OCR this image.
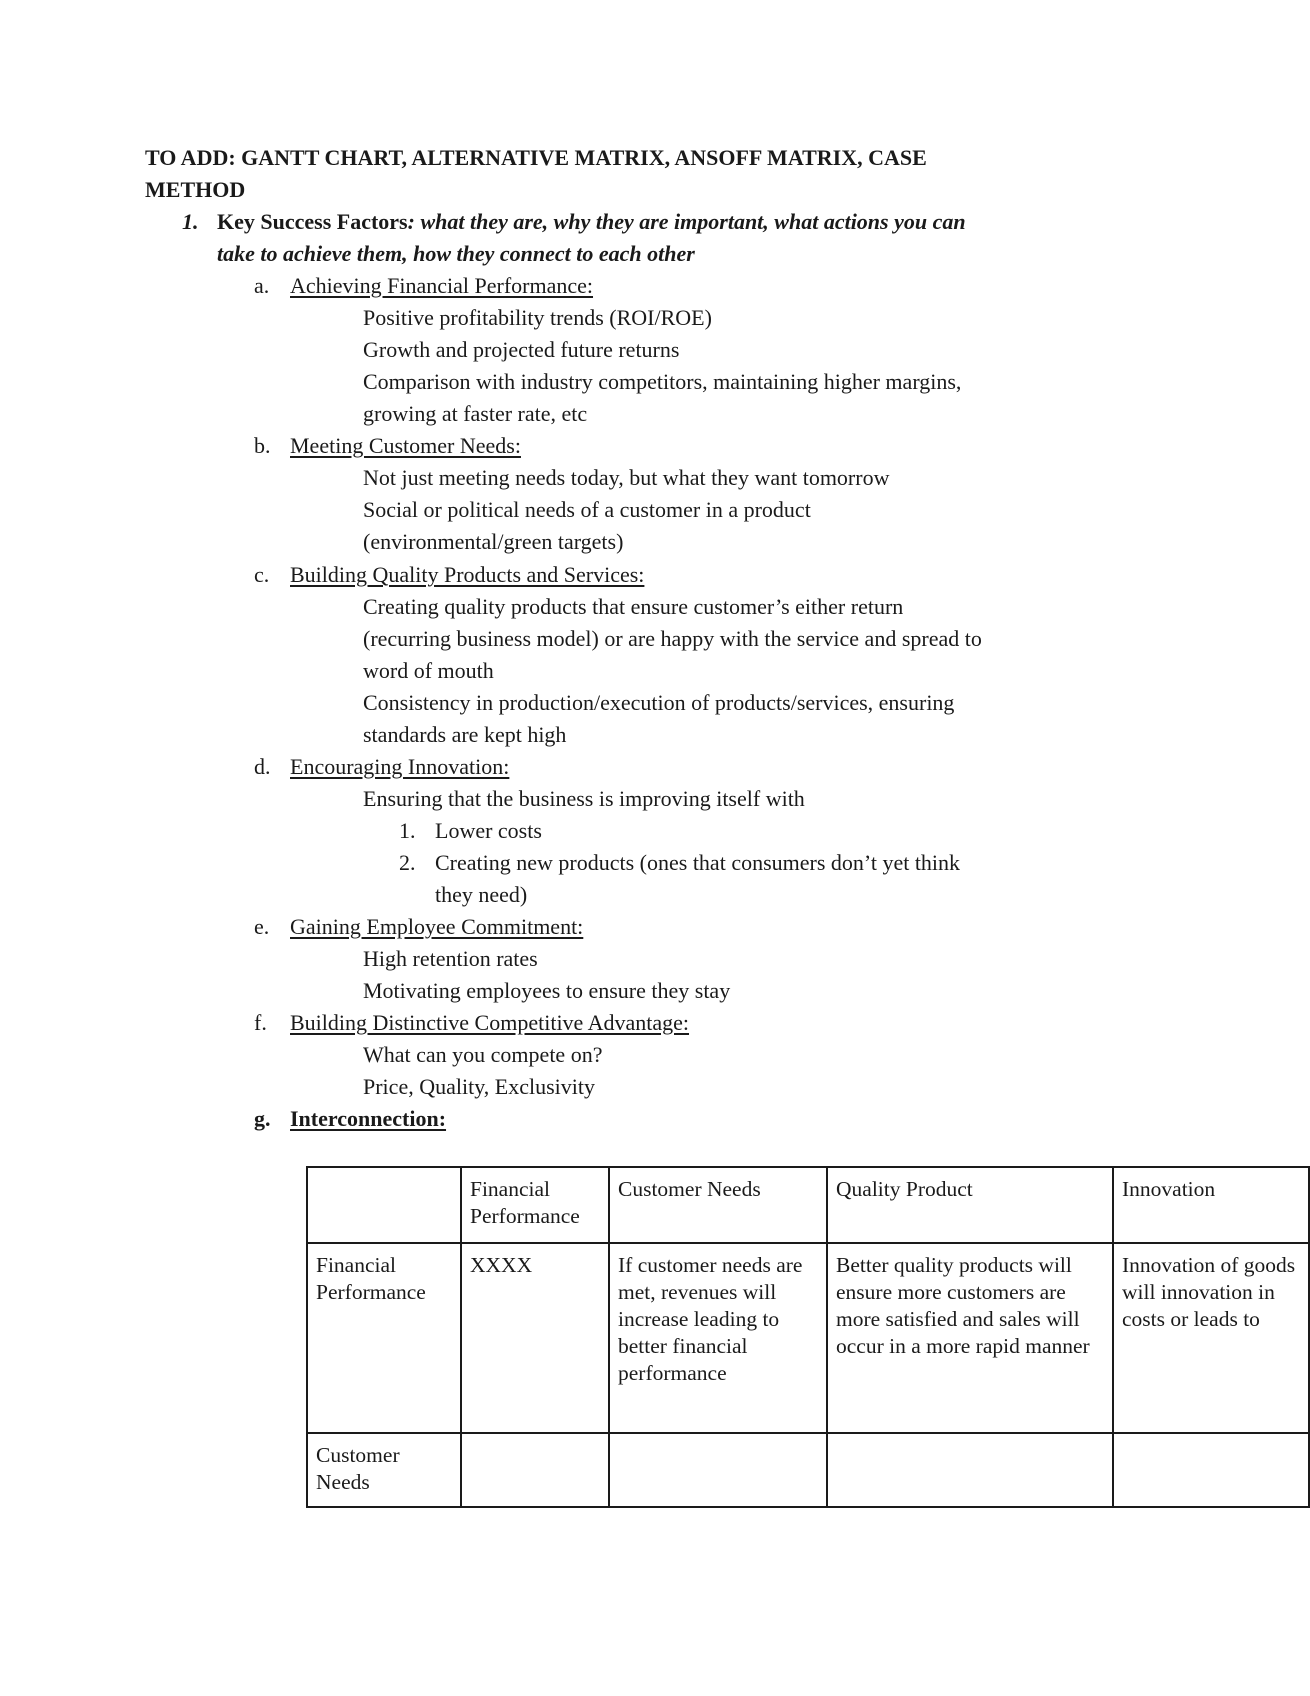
TO ADD: GANTT CHART, ALTERNATIVE MATRIX, ANSOFF MATRIX, CASE
METHOD
1. Key Success Factors: what they are, why they are important, what actions you can
take to achieve them, how they connect to each other
a. Achieving Financial Performance:
Positive profitability trends (ROI/ROE)
Growth and projected future returns
Comparison with industry competitors, maintaining higher margins,
growing at faster rate, etc
b. Meeting Customer Needs:
Not just meeting needs today, but what they want tomorrow
Social or political needs of a customer in a product
(environmental/green targets)
c. Building Quality Products and Services:
Creating quality products that ensure customer’s either return
(recurring business model) or are happy with the service and spread to
word of mouth
Consistency in production/execution of products/services, ensuring
standards are kept high
d. Encouraging Innovation:
Ensuring that the business is improving itself with
1. Lower costs
2. Creating new products (ones that consumers don’t yet think
they need)
e. Gaining Employee Commitment:
High retention rates
Motivating employees to ensure they stay
f. Building Distinctive Competitive Advantage:
What can you compete on?
Price, Quality, Exclusivity
g. Interconnection:
	Financial Performance	Customer Needs	Quality Product	Innovation
Financial Performance	XXXX	If customer needs are met, revenues will increase leading to better financial performance	Better quality products will ensure more customers are more satisfied and sales will occur in a more rapid manner	Innovation of goods will innovation in costs or leads to
Customer Needs				
